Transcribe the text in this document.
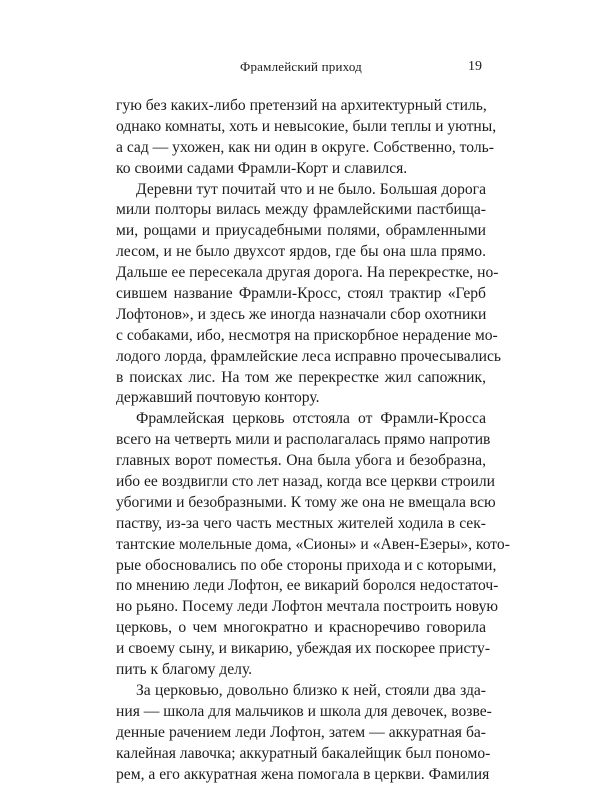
Фрамлейский приход	19
гую без каких-либо претензий на архитектурный стиль,
однако комнаты, хоть и невысокие, были теплы и уютны,
а сад — ухожен, как ни один в округе. Собственно, толь-
ко своими садами Фрамли-Корт и славился.
Деревни тут почитай что и не было. Большая дорога
мили полторы вилась между фрамлейскими пастбища-
ми, рощами и приусадебными полями, обрамленными
лесом, и не было двухсот ярдов, где бы она шла прямо.
Дальше ее пересекала другая дорога. На перекрестке, но-
сившем название Фрамли-Кросс, стоял трактир «Герб
Лофтонов», и здесь же иногда назначали сбор охотники
с собаками, ибо, несмотря на прискорбное нерадение мо-
лодого лорда, фрамлейские леса исправно прочесывались
в поисках лис. На том же перекрестке жил сапожник,
державший почтовую контору.
Фрамлейская церковь отстояла от Фрамли-Кросса
всего на четверть мили и располагалась прямо напротив
главных ворот поместья. Она была убога и безобразна,
ибо ее воздвигли сто лет назад, когда все церкви строили
убогими и безобразными. К тому же она не вмещала всю
паству, из-за чего часть местных жителей ходила в сек-
тантские молельные дома, «Сионы» и «Авен-Езеры», кото-
рые обосновались по обе стороны прихода и с которыми,
по мнению леди Лофтон, ее викарий боролся недостаточ-
но рьяно. Посему леди Лофтон мечтала построить новую
церковь, о чем многократно и красноречиво говорила
и своему сыну, и викарию, убеждая их поскорее присту-
пить к благому делу.
За церковью, довольно близко к ней, стояли два зда-
ния — школа для мальчиков и школа для девочек, возве-
денные рачением леди Лофтон, затем — аккуратная ба-
калейная лавочка; аккуратный бакалейщик был пономо-
рем, а его аккуратная жена помогала в церкви. Фамилия
